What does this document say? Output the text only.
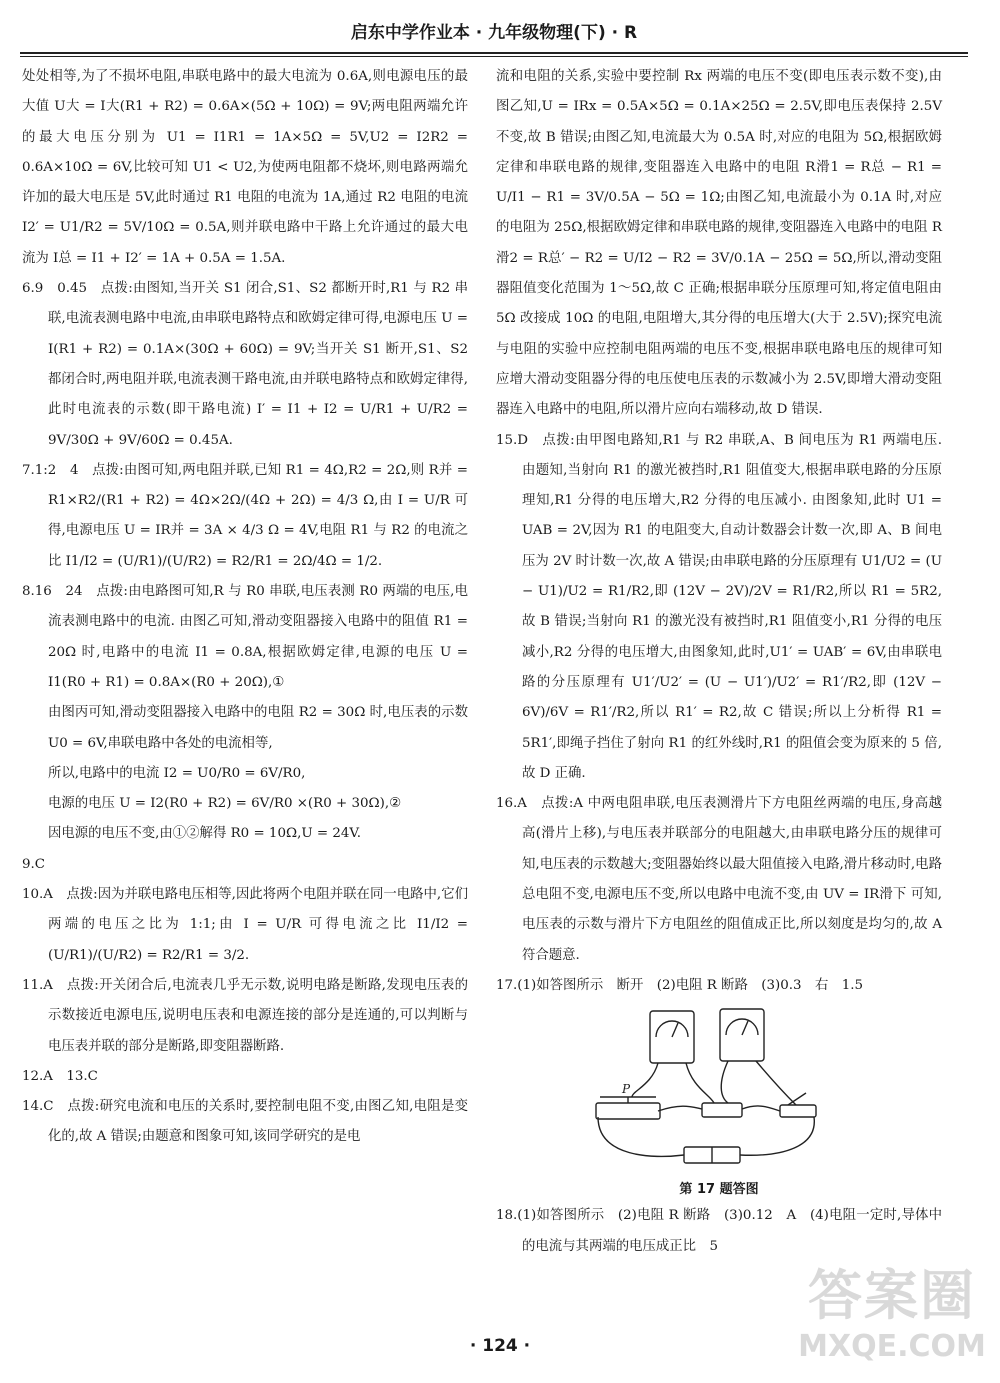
启东中学作业本 · 九年级物理(下) · R

处处相等,为了不损坏电阻,串联电路中的最大电流为 0.6A,则电源电压的最大值 U大 = I大(R1 + R2) = 0.6A×(5Ω + 10Ω) = 9V;两电阻两端允许的最大电压分别为 U1 = I1R1 = 1A×5Ω = 5V,U2 = I2R2 = 0.6A×10Ω = 6V,比较可知 U1 < U2,为使两电阻都不烧坏,则电路两端允许加的最大电压是 5V,此时通过 R1 电阻的电流为 1A,通过 R2 电阻的电流 I2′ = U1/R2 = 5V/10Ω = 0.5A,则并联电路中干路上允许通过的最大电流为 I总 = I1 + I2′ = 1A + 0.5A = 1.5A.

6.9　0.45　点拨:由图知,当开关 S1 闭合,S1、S2 都断开时,R1 与 R2 串联,电流表测电路中电流,由串联电路特点和欧姆定律可得,电源电压 U = I(R1 + R2) = 0.1A×(30Ω + 60Ω) = 9V;当开关 S1 断开,S1、S2 都闭合时,两电阻并联,电流表测干路电流,由并联电路特点和欧姆定律得,此时电流表的示数(即干路电流) I′ = I1 + I2 = U/R1 + U/R2 = 9V/30Ω + 9V/60Ω = 0.45A.

7.1:2　4　点拨:由图可知,两电阻并联,已知 R1 = 4Ω,R2 = 2Ω,则 R并 = R1×R2/(R1 + R2) = 4Ω×2Ω/(4Ω + 2Ω) = 4/3 Ω,由 I = U/R 可得,电源电压 U = IR并 = 3A × 4/3 Ω = 4V,电阻 R1 与 R2 的电流之比 I1/I2 = (U/R1)/(U/R2) = R2/R1 = 2Ω/4Ω = 1/2.

8.16　24　点拨:由电路图可知,R 与 R0 串联,电压表测 R0 两端的电压,电流表测电路中的电流. 由图乙可知,滑动变阻器接入电路中的阻值 R1 = 20Ω 时,电路中的电流 I1 = 0.8A,根据欧姆定律,电源的电压 U = I1(R0 + R1) = 0.8A×(R0 + 20Ω),①

由图丙可知,滑动变阻器接入电路中的电阻 R2 = 30Ω 时,电压表的示数 U0 = 6V,串联电路中各处的电流相等,

所以,电路中的电流 I2 = U0/R0 = 6V/R0,

电源的电压 U = I2(R0 + R2) = 6V/R0 ×(R0 + 30Ω),②

因电源的电压不变,由①②解得 R0 = 10Ω,U = 24V.

9.C

10.A　点拨:因为并联电路电压相等,因此将两个电阻并联在同一电路中,它们两端的电压之比为 1:1;由 I = U/R 可得电流之比 I1/I2 = (U/R1)/(U/R2) = R2/R1 = 3/2.

11.A　点拨:开关闭合后,电流表几乎无示数,说明电路是断路,发现电压表的示数接近电源电压,说明电压表和电源连接的部分是连通的,可以判断与电压表并联的部分是断路,即变阻器断路.

12.A　13.C

14.C　点拨:研究电流和电压的关系时,要控制电阻不变,由图乙知,电阻是变化的,故 A 错误;由题意和图象可知,该同学研究的是电

流和电阻的关系,实验中要控制 Rx 两端的电压不变(即电压表示数不变),由图乙知,U = IRx = 0.5A×5Ω = 0.1A×25Ω = 2.5V,即电压表保持 2.5V 不变,故 B 错误;由图乙知,电流最大为 0.5A 时,对应的电阻为 5Ω,根据欧姆定律和串联电路的规律,变阻器连入电路中的电阻 R滑1 = R总 − R1 = U/I1 − R1 = 3V/0.5A − 5Ω = 1Ω;由图乙知,电流最小为 0.1A 时,对应的电阻为 25Ω,根据欧姆定律和串联电路的规律,变阻器连入电路中的电阻 R滑2 = R总′ − R2 = U/I2 − R2 = 3V/0.1A − 25Ω = 5Ω,所以,滑动变阻器阻值变化范围为 1～5Ω,故 C 正确;根据串联分压原理可知,将定值电阻由 5Ω 改接成 10Ω 的电阻,电阻增大,其分得的电压增大(大于 2.5V);探究电流与电阻的实验中应控制电阻两端的电压不变,根据串联电路电压的规律可知应增大滑动变阻器分得的电压使电压表的示数减小为 2.5V,即增大滑动变阻器连入电路中的电阻,所以滑片应向右端移动,故 D 错误.

15.D　点拨:由甲图电路知,R1 与 R2 串联,A、B 间电压为 R1 两端电压. 由题知,当射向 R1 的激光被挡时,R1 阻值变大,根据串联电路的分压原理知,R1 分得的电压增大,R2 分得的电压减小. 由图象知,此时 U1 = UAB = 2V,因为 R1 的电阻变大,自动计数器会计数一次,即 A、B 间电压为 2V 时计数一次,故 A 错误;由串联电路的分压原理有 U1/U2 = (U − U1)/U2 = R1/R2,即 (12V − 2V)/2V = R1/R2,所以 R1 = 5R2,故 B 错误;当射向 R1 的激光没有被挡时,R1 阻值变小,R1 分得的电压减小,R2 分得的电压增大,由图象知,此时,U1′ = UAB′ = 6V,由串联电路的分压原理有 U1′/U2′ = (U − U1′)/U2′ = R1′/R2,即 (12V − 6V)/6V = R1′/R2,所以 R1′ = R2,故 C 错误;所以上分析得 R1 = 5R1′,即绳子挡住了射向 R1 的红外线时,R1 的阻值会变为原来的 5 倍,故 D 正确.

16.A　点拨:A 中两电阻串联,电压表测滑片下方电阻丝两端的电压,身高越高(滑片上移),与电压表并联部分的电阻越大,由串联电路分压的规律可知,电压表的示数越大;变阻器始终以最大阻值接入电路,滑片移动时,电路总电阻不变,电源电压不变,所以电路中电流不变,由 UV = IR滑下 可知,电压表的示数与滑片下方电阻丝的阻值成正比,所以刻度是均匀的,故 A 符合题意.

17.(1)如答图所示　断开　(2)电阻 R 断路　(3)0.3　右　1.5

P
第 17 题答图

18.(1)如答图所示　(2)电阻 R 断路　(3)0.12　A　(4)电阻一定时,导体中的电流与其两端的电压成正比　5

· 124 ·
答案圈
MXQE.COM
